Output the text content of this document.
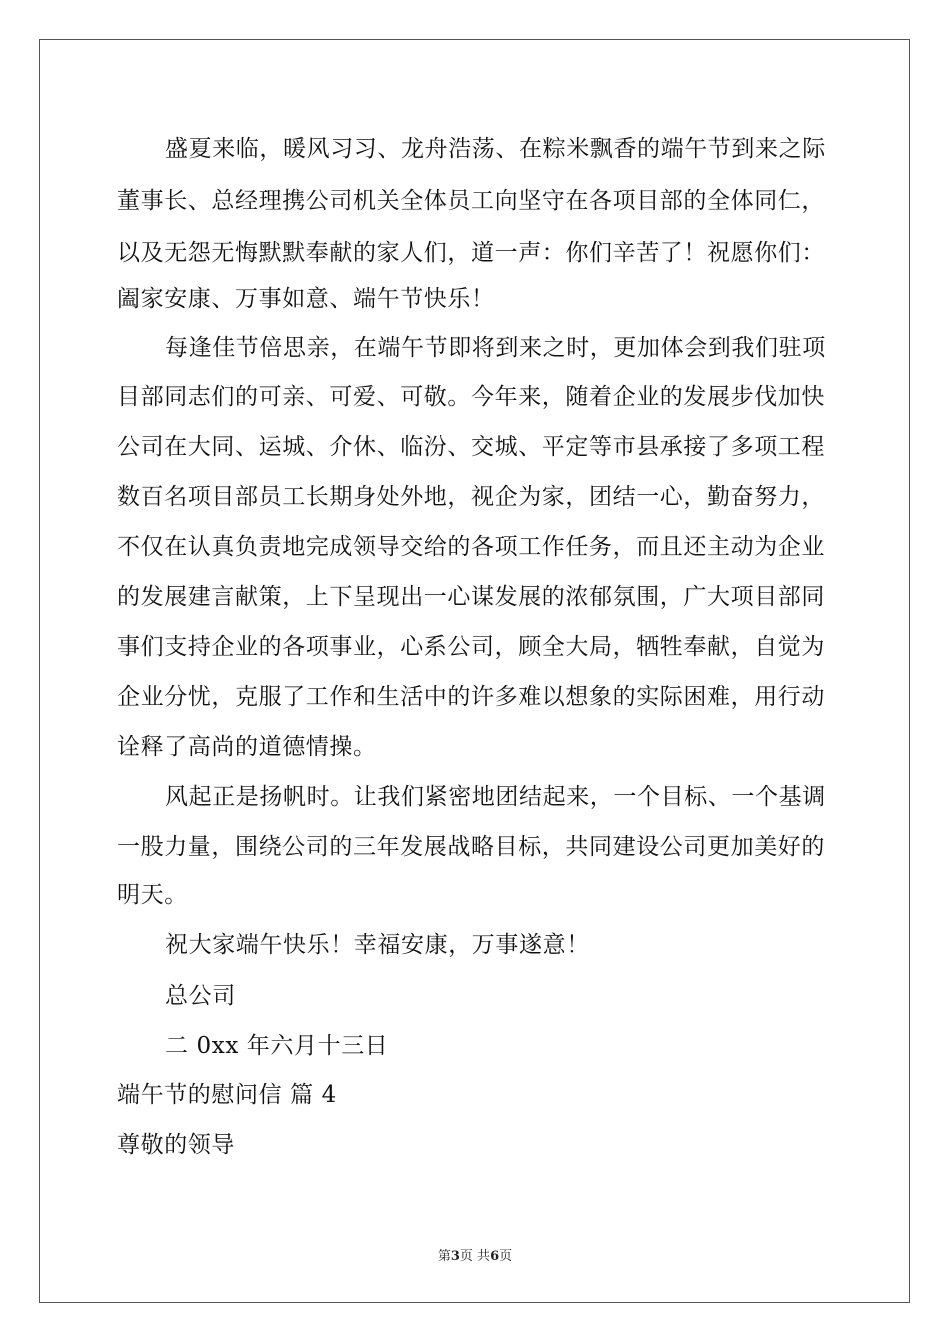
盛夏来临，暖风习习、龙舟浩荡、在粽米飘香的端午节到来之际
董事长、总经理携公司机关全体员工向坚守在各项目部的全体同仁，
以及无怨无悔默默奉献的家人们，道一声：你们辛苦了！祝愿你们：
阖家安康、万事如意、端午节快乐！
每逢佳节倍思亲，在端午节即将到来之时，更加体会到我们驻项
目部同志们的可亲、可爱、可敬。今年来，随着企业的发展步伐加快
公司在大同、运城、介休、临汾、交城、平定等市县承接了多项工程
数百名项目部员工长期身处外地，视企为家，团结一心，勤奋努力，
不仅在认真负责地完成领导交给的各项工作任务，而且还主动为企业
的发展建言献策，上下呈现出一心谋发展的浓郁氛围，广大项目部同
事们支持企业的各项事业，心系公司，顾全大局，牺牲奉献，自觉为
企业分忧，克服了工作和生活中的许多难以想象的实际困难，用行动
诠释了高尚的道德情操。
风起正是扬帆时。让我们紧密地团结起来，一个目标、一个基调
一股力量，围绕公司的三年发展战略目标，共同建设公司更加美好的
明天。
祝大家端午快乐！幸福安康，万事遂意！
总公司
二 0xx 年六月十三日
端午节的慰问信 篇 4
尊敬的领导
第3页 共6页
